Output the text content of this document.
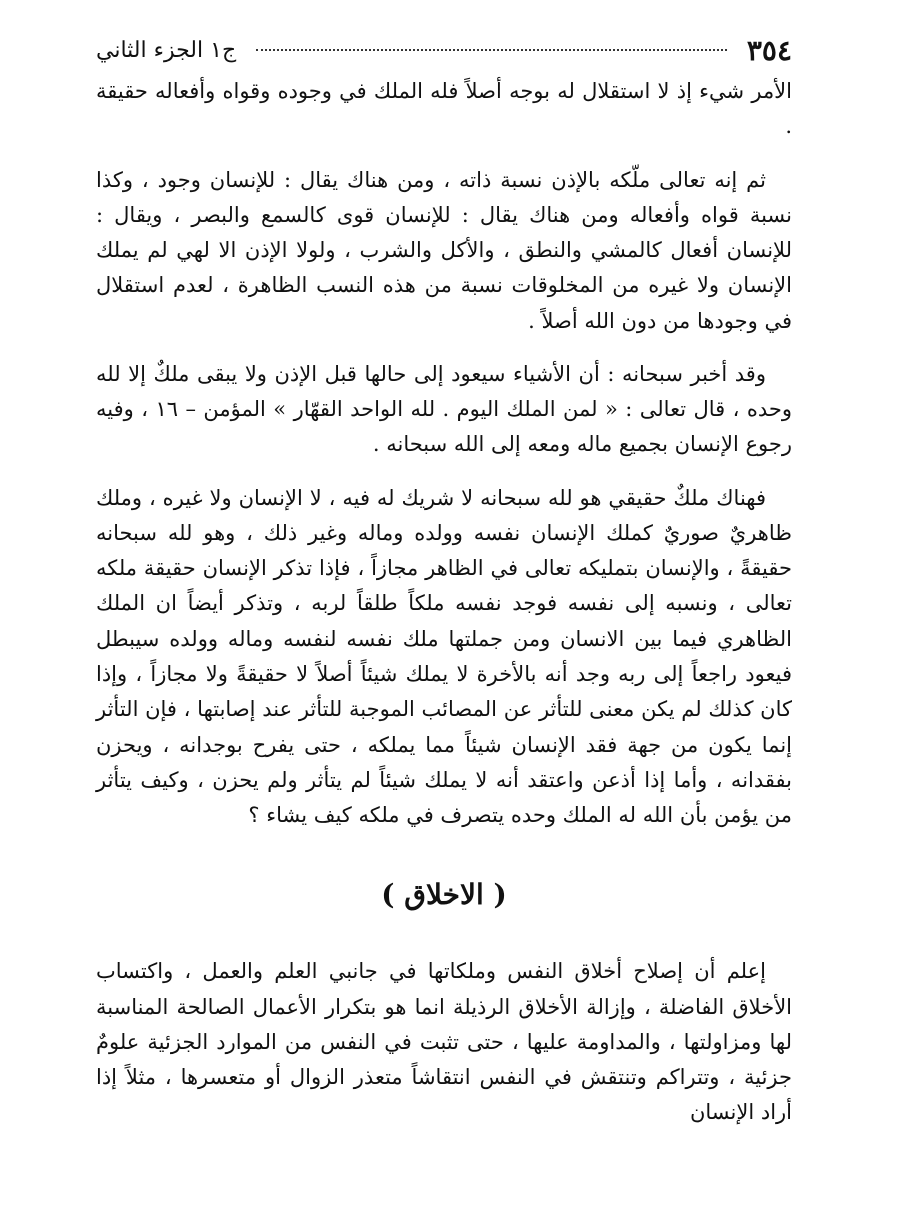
٣٥٤
ج١ الجزء الثاني

الأمر شيء إذ لا استقلال له بوجه أصلاً فله الملك في وجوده وقواه وأفعاله حقيقة .

ثم إنه تعالى ملّكه بالإذن نسبة ذاته ، ومن هناك يقال : للإنسان وجود ، وكذا نسبة قواه وأفعاله ومن هناك يقال : للإنسان قوى كالسمع والبصر ، ويقال : للإنسان أفعال كالمشي والنطق ، والأكل والشرب ، ولولا الإذن الا لهي لم يملك الإنسان ولا غيره من المخلوقات نسبة من هذه النسب الظاهرة ، لعدم استقلال في وجودها من دون الله أصلاً .

وقد أخبر سبحانه : أن الأشياء سيعود إلى حالها قبل الإذن ولا يبقى ملكٌ إلا لله وحده ، قال تعالى : « لمن الملك اليوم . لله الواحد القهّار » المؤمن – ١٦ ، وفيه رجوع الإنسان بجميع ماله ومعه إلى الله سبحانه .

فهناك ملكٌ حقيقي هو لله سبحانه لا شريك له فيه ، لا الإنسان ولا غيره ، وملك ظاهريٌ صوريٌ كملك الإنسان نفسه وولده وماله وغير ذلك ، وهو لله سبحانه حقيقةً ، والإنسان بتمليكه تعالى في الظاهر مجازاً ، فإذا تذكر الإنسان حقيقة ملكه تعالى ، ونسبه إلى نفسه فوجد نفسه ملكاً طلقاً لربه ، وتذكر أيضاً ان الملك الظاهري فيما بين الانسان ومن جملتها ملك نفسه لنفسه وماله وولده سيبطل فيعود راجعاً إلى ربه وجد أنه بالأخرة لا يملك شيئاً أصلاً لا حقيقةً ولا مجازاً ، وإذا كان كذلك لم يكن معنى للتأثر عن المصائب الموجبة للتأثر عند إصابتها ، فإن التأثر إنما يكون من جهة فقد الإنسان شيئاً مما يملكه ، حتى يفرح بوجدانه ، ويحزن بفقدانه ، وأما إذا أذعن واعتقد أنه لا يملك شيئاً لم يتأثر ولم يحزن ، وكيف يتأثر من يؤمن بأن الله له الملك وحده يتصرف في ملكه كيف يشاء ؟

( الاخلاق )

إعلم أن إصلاح أخلاق النفس وملكاتها في جانبي العلم والعمل ، واكتساب الأخلاق الفاضلة ، وإزالة الأخلاق الرذيلة انما هو بتكرار الأعمال الصالحة المناسبة لها ومزاولتها ، والمداومة عليها ، حتى تثبت في النفس من الموارد الجزئية علومٌ جزئية ، وتتراكم وتنتقش في النفس انتقاشاً متعذر الزوال أو متعسرها ، مثلاً إذا أراد الإنسان
